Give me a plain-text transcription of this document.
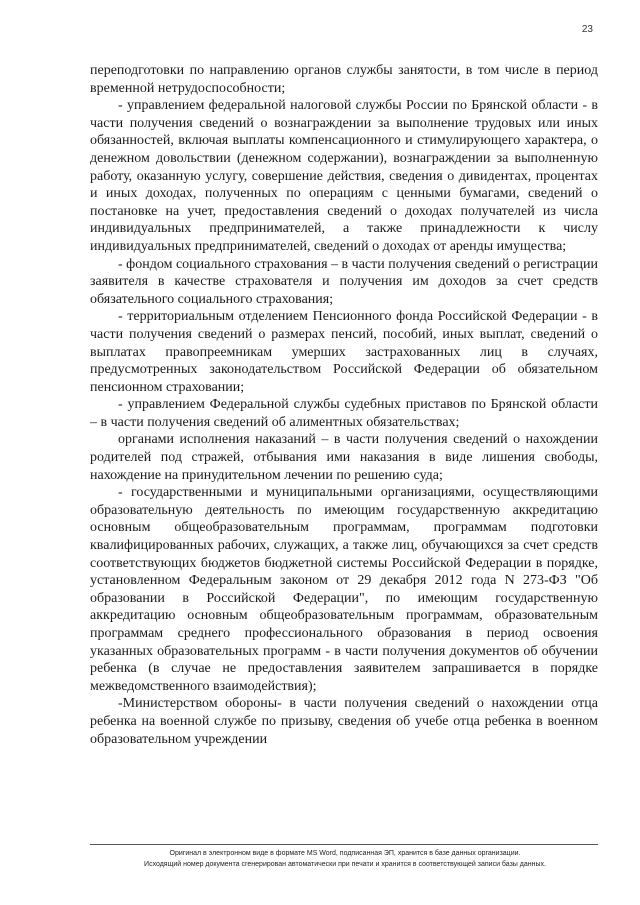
23

переподготовки по направлению органов службы занятости, в том числе в период временной нетрудоспособности;

- управлением федеральной налоговой службы России по Брянской области - в части получения сведений о вознаграждении за выполнение трудовых или иных обязанностей, включая выплаты компенсационного и стимулирующего характера, о денежном довольствии (денежном содержании), вознаграждении за выполненную работу, оказанную услугу, совершение действия, сведения о дивидентах, процентах и иных доходах, полученных по операциям с ценными бумагами, сведений о постановке на учет, предоставления сведений о доходах получателей из числа индивидуальных предпринимателей, а также принадлежности к числу индивидуальных предпринимателей, сведений о доходах от аренды имущества;

- фондом социального страхования – в части получения сведений о регистрации заявителя в качестве страхователя и получения им доходов за счет средств обязательного социального страхования;

- территориальным отделением Пенсионного фонда Российской Федерации - в части получения сведений о размерах пенсий, пособий, иных выплат, сведений о выплатах правопреемникам умерших застрахованных лиц в случаях, предусмотренных законодательством Российской Федерации об обязательном пенсионном страховании;

- управлением Федеральной службы судебных приставов по Брянской области – в части получения сведений об алиментных обязательствах;

органами исполнения наказаний – в части получения сведений о нахождении родителей под стражей, отбывания ими наказания в виде лишения свободы, нахождение на принудительном лечении по решению суда;

- государственными и муниципальными организациями, осуществляющими образовательную деятельность по имеющим государственную аккредитацию основным общеобразовательным программам, программам подготовки квалифицированных рабочих, служащих, а также лиц, обучающихся за счет средств соответствующих бюджетов бюджетной системы Российской Федерации в порядке, установленном Федеральным законом от 29 декабря 2012 года N 273-ФЗ "Об образовании в Российской Федерации", по имеющим государственную аккредитацию основным общеобразовательным программам, образовательным программам среднего профессионального образования в период освоения указанных образовательных программ - в части получения документов об обучении ребенка (в случае не предоставления заявителем запрашивается в порядке межведомственного взаимодействия);

-Министерством обороны- в части получения сведений о нахождении отца ребенка на военной службе по призыву, сведения об учебе отца ребенка в военном образовательном учреждении

Оригинал в электронном виде в формате MS Word, подписанная ЭП, хранится в базе данных организации.
Исходящий номер документа сгенерирован автоматически при печати и хранится в соответствующей записи базы данных.
